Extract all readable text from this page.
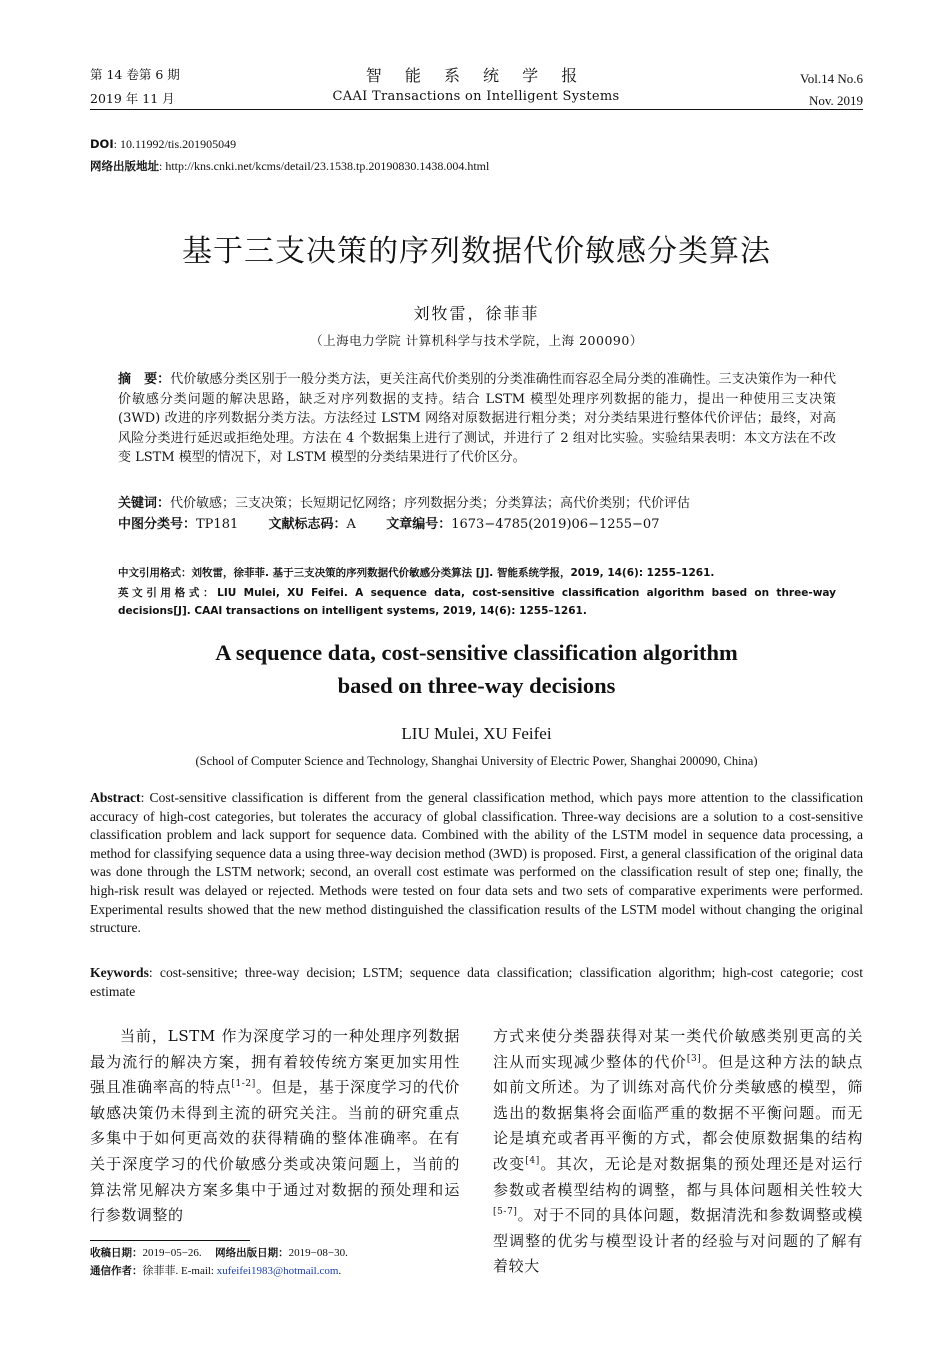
第 14 卷第 6 期
2019 年 11 月
智 能 系 统 学 报
CAAI Transactions on Intelligent Systems
Vol.14 No.6
Nov. 2019
DOI: 10.11992/tis.201905049
网络出版地址: http://kns.cnki.net/kcms/detail/23.1538.tp.20190830.1438.004.html
基于三支决策的序列数据代价敏感分类算法
刘牧雷，徐菲菲
（上海电力学院 计算机科学与技术学院，上海 200090）
摘　要：代价敏感分类区别于一般分类方法，更关注高代价类别的分类准确性而容忍全局分类的准确性。三支决策作为一种代价敏感分类问题的解决思路，缺乏对序列数据的支持。结合 LSTM 模型处理序列数据的能力，提出一种使用三支决策 (3WD) 改进的序列数据分类方法。方法经过 LSTM 网络对原数据进行粗分类；对分类结果进行整体代价评估；最终，对高风险分类进行延迟或拒绝处理。方法在 4 个数据集上进行了测试，并进行了 2 组对比实验。实验结果表明：本文方法在不改变 LSTM 模型的情况下，对 LSTM 模型的分类结果进行了代价区分。
关键词：代价敏感；三支决策；长短期记忆网络；序列数据分类；分类算法；高代价类别；代价评估
中图分类号：TP181 文献标志码：A 文章编号：1673−4785(2019)06−1255−07
中文引用格式：刘牧雷，徐菲菲. 基于三支决策的序列数据代价敏感分类算法 [J]. 智能系统学报，2019, 14(6): 1255–1261.
英文引用格式：LIU Mulei, XU Feifei. A sequence data, cost-sensitive classification algorithm based on three-way decisions[J]. CAAI transactions on intelligent systems, 2019, 14(6): 1255–1261.
A sequence data, cost-sensitive classification algorithm
based on three-way decisions
LIU Mulei, XU Feifei
(School of Computer Science and Technology, Shanghai University of Electric Power, Shanghai 200090, China)
Abstract: Cost-sensitive classification is different from the general classification method, which pays more attention to the classification accuracy of high-cost categories, but tolerates the accuracy of global classification. Three-way decisions are a solution to a cost-sensitive classification problem and lack support for sequence data. Combined with the ability of the LSTM model in sequence data processing, a method for classifying sequence data a using three-way decision method (3WD) is proposed. First, a general classification of the original data was done through the LSTM network; second, an overall cost estimate was performed on the classification result of step one; finally, the high-risk result was delayed or rejected. Methods were tested on four data sets and two sets of comparative experiments were performed. Experimental results showed that the new method distinguished the classification results of the LSTM model without changing the original structure.
Keywords: cost-sensitive; three-way decision; LSTM; sequence data classification; classification algorithm; high-cost categorie; cost estimate
当前，LSTM 作为深度学习的一种处理序列数据最为流行的解决方案，拥有着较传统方案更加实用性强且准确率高的特点[1-2]。但是，基于深度学习的代价敏感决策仍未得到主流的研究关注。当前的研究重点多集中于如何更高效的获得精确的整体准确率。在有关于深度学习的代价敏感分类或决策问题上，当前的算法常见解决方案多集中于通过对数据的预处理和运行参数调整的
方式来使分类器获得对某一类代价敏感类别更高的关注从而实现减少整体的代价[3]。但是这种方法的缺点如前文所述。为了训练对高代价分类敏感的模型，筛选出的数据集将会面临严重的数据不平衡问题。而无论是填充或者再平衡的方式，都会使原数据集的结构改变[4]。其次，无论是对数据集的预处理还是对运行参数或者模型结构的调整，都与具体问题相关性较大[5-7]。对于不同的具体问题，数据清洗和参数调整或模型调整的优劣与模型设计者的经验与对问题的了解有着较大
收稿日期：2019−05−26. 网络出版日期：2019−08−30.
通信作者：徐菲菲. E-mail: xufeifei1983@hotmail.com.
